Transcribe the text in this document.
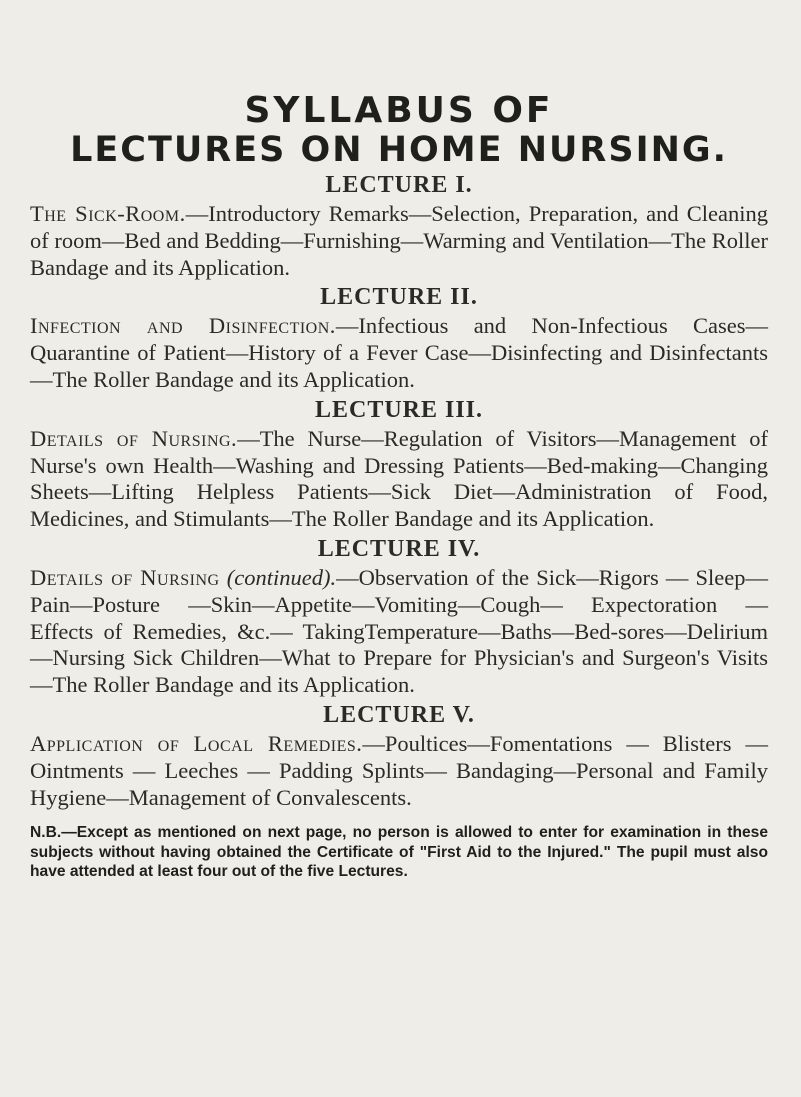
SYLLABUS OF
LECTURES ON HOME NURSING.
LECTURE I.

The Sick-Room.—Introductory Remarks—Selection, Preparation, and Cleaning of room—Bed and Bedding—Furnishing—Warming and Ventilation—The Roller Bandage and its Application.

LECTURE II.

Infection and Disinfection.—Infectious and Non-Infectious Cases—Quarantine of Patient—History of a Fever Case—Disinfecting and Disinfectants—The Roller Bandage and its Application.

LECTURE III.

Details of Nursing.—The Nurse—Regulation of Visitors—Management of Nurse's own Health—Washing and Dressing Patients—Bed-making—Changing Sheets—Lifting Helpless Patients—Sick Diet—Administration of Food, Medicines, and Stimulants—The Roller Bandage and its Application.

LECTURE IV.

Details of Nursing (continued).—Observation of the Sick—Rigors — Sleep—Pain—Posture —Skin—Appetite—Vomiting—Cough— Expectoration — Effects of Remedies, &c.— TakingTemperature—Baths—Bed-sores—Delirium—Nursing Sick Children—What to Prepare for Physician's and Surgeon's Visits—The Roller Bandage and its Application.

LECTURE V.

Application of Local Remedies.—Poultices—Fomentations — Blisters — Ointments — Leeches — Padding Splints— Bandaging—Personal and Family Hygiene—Management of Convalescents.

N.B.—Except as mentioned on next page, no person is allowed to enter for examination in these subjects without having obtained the Certificate of "First Aid to the Injured." The pupil must also have attended at least four out of the five Lectures.
